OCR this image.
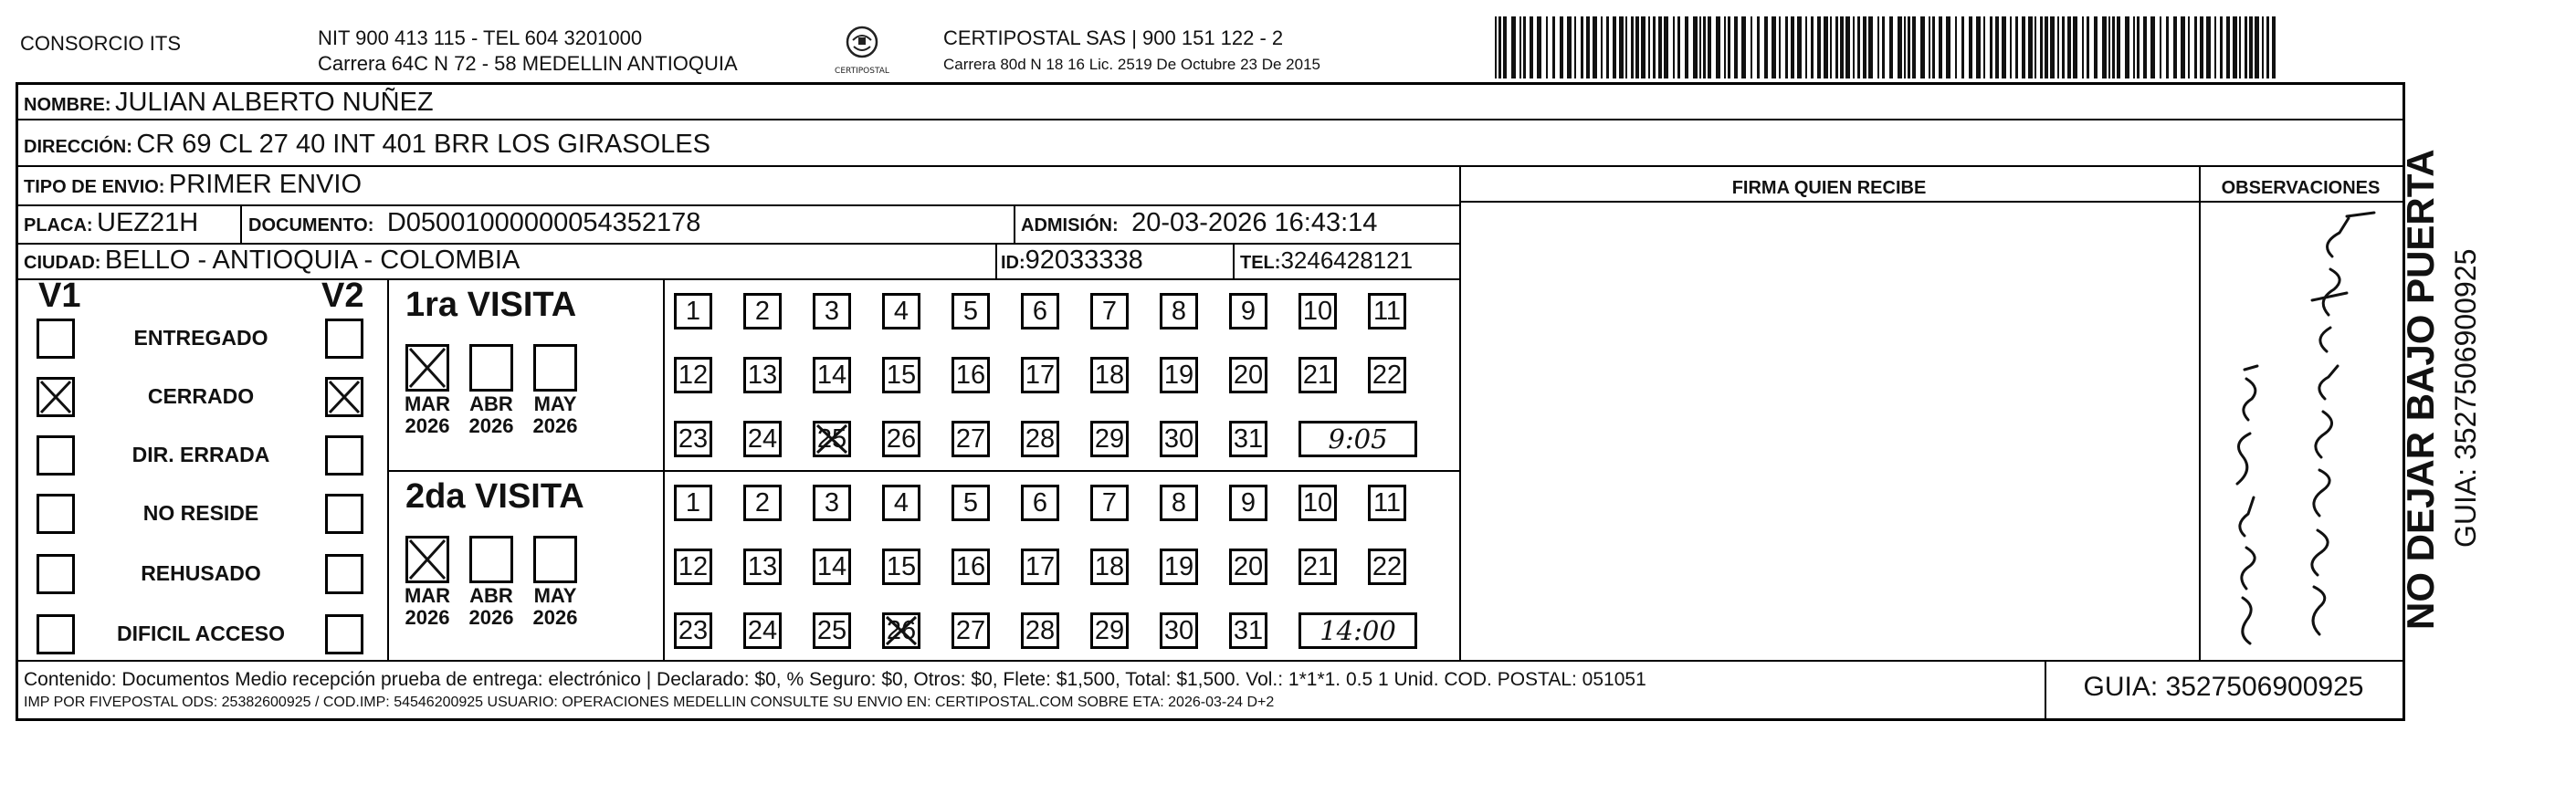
CONSORCIO ITS	NIT 900 413 115 - TEL 604 3201000
Carrera 64C N 72 - 58 MEDELLIN ANTIOQUIA	CERTIPOSTAL
CERTIPOSTAL SAS | 900 151 122 - 2
Carrera 80d N 18 16 Lic. 2519 De Octubre 23 De 2015
NOMBRE: JULIAN ALBERTO NUÑEZ
DIRECCIÓN: CR 69 CL 27 40 INT 401 BRR LOS GIRASOLES
TIPO DE ENVIO: PRIMER ENVIO	FIRMA QUIEN RECIBE	OBSERVACIONES
PLACA: UEZ21H	DOCUMENTO: D05001000000054352178	ADMISIÓN: 20-03-2026 16:43:14
CIUDAD: BELLO - ANTIOQUIA - COLOMBIA	ID:92033338	TEL:3246428121
V1	V2
ENTREGADO
CERRADO
DIR. ERRADA
NO RESIDE
REHUSADO
DIFICIL ACCESO
1ra VISITA
MAR
2026
ABR
2026
MAY
2026
1	2	3	4	5	6	7	8	9	10 11
12 13 14 15 16 17 18 19 20 21 22
23 24 25 26 27 28 29 30 31	9:05
2da VISITA
MAR
2026
ABR
2026
MAY
2026
1	2	3	4	5	6	7	8	9	10 11
12 13 14 15 16 17 18 19 20 21 22
23 24 25 26 27 28 29 30 31	14:00
Contenido: Documentos Medio recepción prueba de entrega: electrónico | Declarado: $0, % Seguro: $0, Otros: $0, Flete: $1,500, Total: $1,500. Vol.: 1*1*1. 0.5 1 Unid. COD. POSTAL: 051051
IMP POR FIVEPOSTAL ODS: 25382600925 / COD.IMP: 54546200925 USUARIO: OPERACIONES MEDELLIN CONSULTE SU ENVIO EN: CERTIPOSTAL.COM SOBRE ETA: 2026-03-24 D+2
GUIA: 3527506900925
NO DEJAR BAJO PUERTA GUIA: 3527506900925
